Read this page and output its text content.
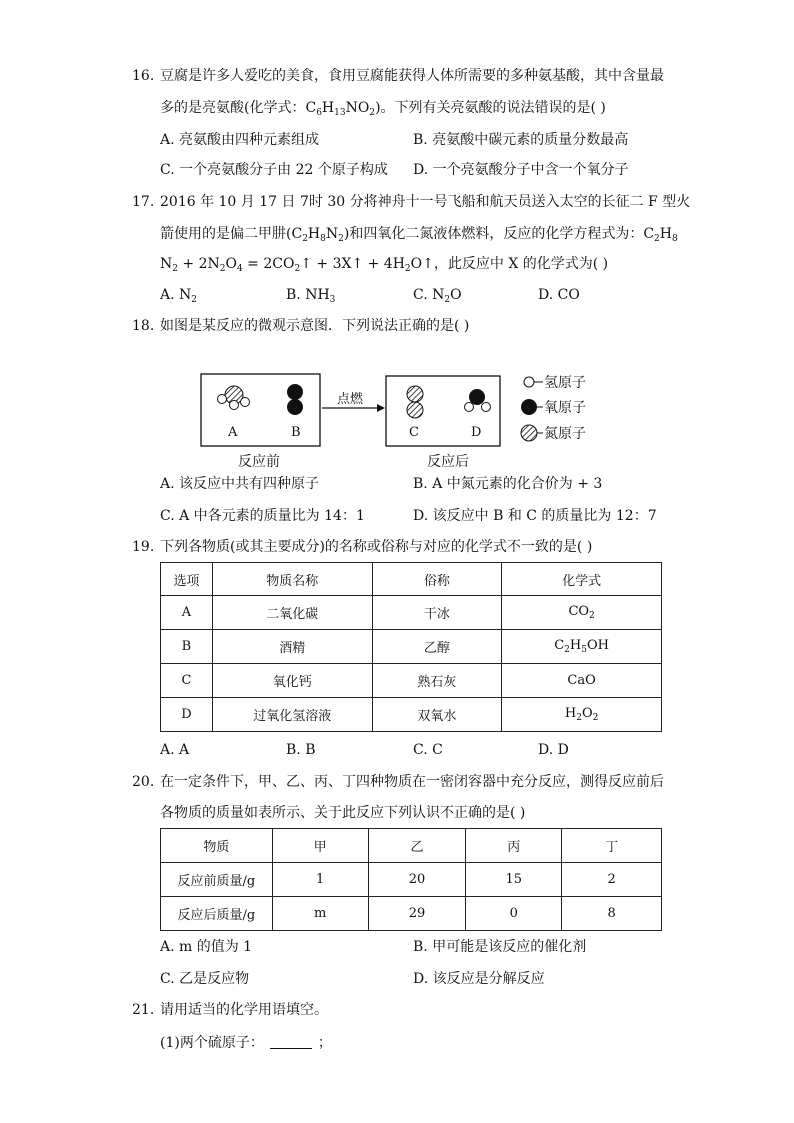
16. 豆腐是许多人爱吃的美食，食用豆腐能获得人体所需要的多种氨基酸，其中含量最
多的是亮氨酸(化学式：$C_6H_{13}NO_2$)。下列有关亮氨酸的说法错误的是( )
A. 亮氨酸由四种元素组成	B. 亮氨酸中碳元素的质量分数最高
C. 一个亮氨酸分子由 22 个原子构成 D. 一个亮氨酸分子中含一个氧分子
17. 2016 年 10 月 17 日 7时 30 分将神舟十一号飞船和航天员送入太空的长征二 F 型火
箭使用的是偏二甲肼$(C_2H_8N_2)$和四氧化二氮液体燃料，反应的化学方程式为：$C_2H_8$
$N_2 + 2N_2O_4$ = $2CO_2↑$ + 3X↑ + $4H_2O↑$，此反应中 X 的化学式为( )
A. $N_2$	B. $NH_3$	C. $N_2O$	D. CO
18. 如图是某反应的微观示意图．下列说法正确的是( )
A	B
点燃
C	D
反应前	反应后
氢原子
氧原子
氮原子
A. 该反应中共有四种原子	B. A 中氮元素的化合价为 + 3
C. A 中各元素的质量比为 14：1	D. 该反应中 B 和 C 的质量比为 12：7
19. 下列各物质(或其主要成分)的名称或俗称与对应的化学式不一致的是( )
选项	物质名称	俗称	化学式
A	二氧化碳	干冰	$CO_2$
B	酒精	乙醇	$C_2H_5OH$
C	氧化钙	熟石灰	CaO
D	过氧化氢溶液	双氧水	$H_2O_2$
A. A	B. B	C. C	D. D
20. 在一定条件下，甲、乙、丙、丁四种物质在一密闭容器中充分反应，测得反应前后
各物质的质量如表所示、关于此反应下列认识不正确的是( )
物质	甲	乙	丙	丁
反应前质量/g	1	20	15	2
反应后质量/g	m	29	0	8
A. m 的值为 1	B. 甲可能是该反应的催化剂
C. 乙是反应物	D. 该反应是分解反应
21. 请用适当的化学用语填空。
(1)两个硫原子：	；
